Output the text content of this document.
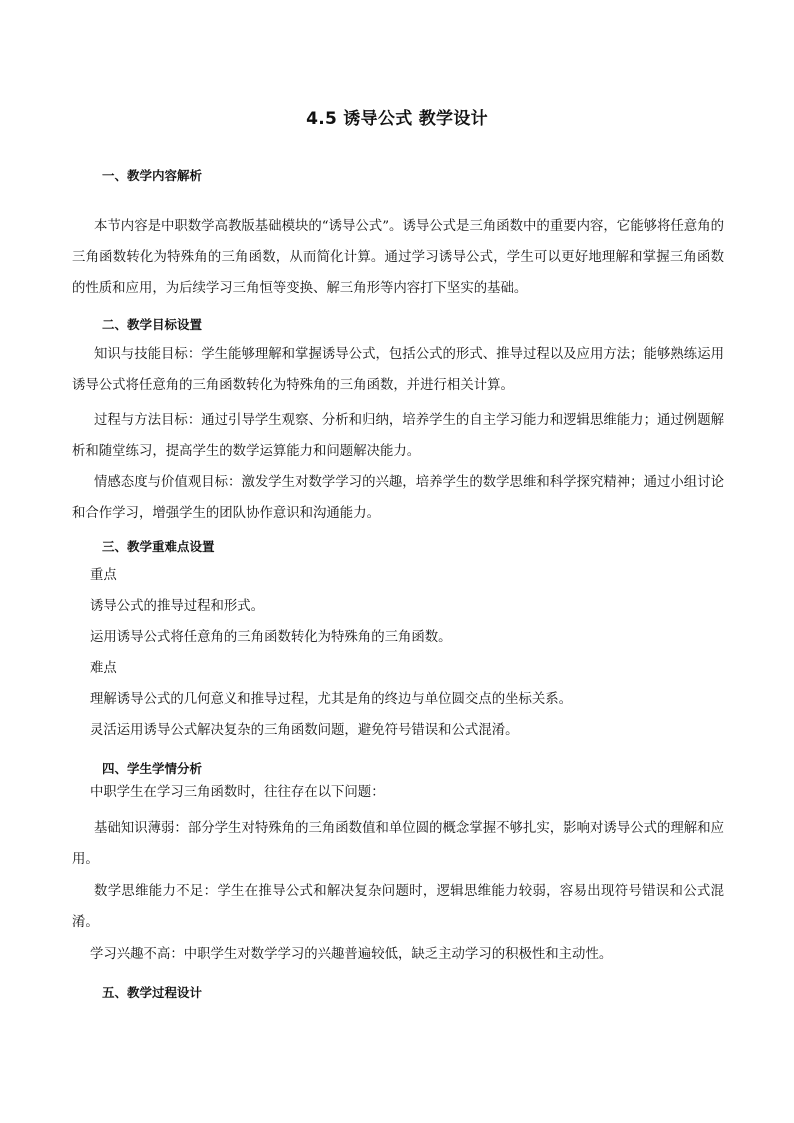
4.5 诱导公式 教学设计
一、教学内容解析

本节内容是中职数学高教版基础模块的“诱导公式”。诱导公式是三角函数中的重要内容，它能够将任意角的三角函数转化为特殊角的三角函数，从而简化计算。通过学习诱导公式，学生可以更好地理解和掌握三角函数的性质和应用，为后续学习三角恒等变换、解三角形等内容打下坚实的基础。

二、教学目标设置

知识与技能目标：学生能够理解和掌握诱导公式，包括公式的形式、推导过程以及应用方法；能够熟练运用诱导公式将任意角的三角函数转化为特殊角的三角函数，并进行相关计算。

过程与方法目标：通过引导学生观察、分析和归纳，培养学生的自主学习能力和逻辑思维能力；通过例题解析和随堂练习，提高学生的数学运算能力和问题解决能力。

情感态度与价值观目标：激发学生对数学学习的兴趣，培养学生的数学思维和科学探究精神；通过小组讨论和合作学习，增强学生的团队协作意识和沟通能力。

三、教学重难点设置
重点
诱导公式的推导过程和形式。
运用诱导公式将任意角的三角函数转化为特殊角的三角函数。
难点
理解诱导公式的几何意义和推导过程，尤其是角的终边与单位圆交点的坐标关系。
灵活运用诱导公式解决复杂的三角函数问题，避免符号错误和公式混淆。
四、学生学情分析
中职学生在学习三角函数时，往往存在以下问题：

基础知识薄弱：部分学生对特殊角的三角函数值和单位圆的概念掌握不够扎实，影响对诱导公式的理解和应用。

数学思维能力不足：学生在推导公式和解决复杂问题时，逻辑思维能力较弱，容易出现符号错误和公式混淆。

学习兴趣不高：中职学生对数学学习的兴趣普遍较低，缺乏主动学习的积极性和主动性。
五、教学过程设计
